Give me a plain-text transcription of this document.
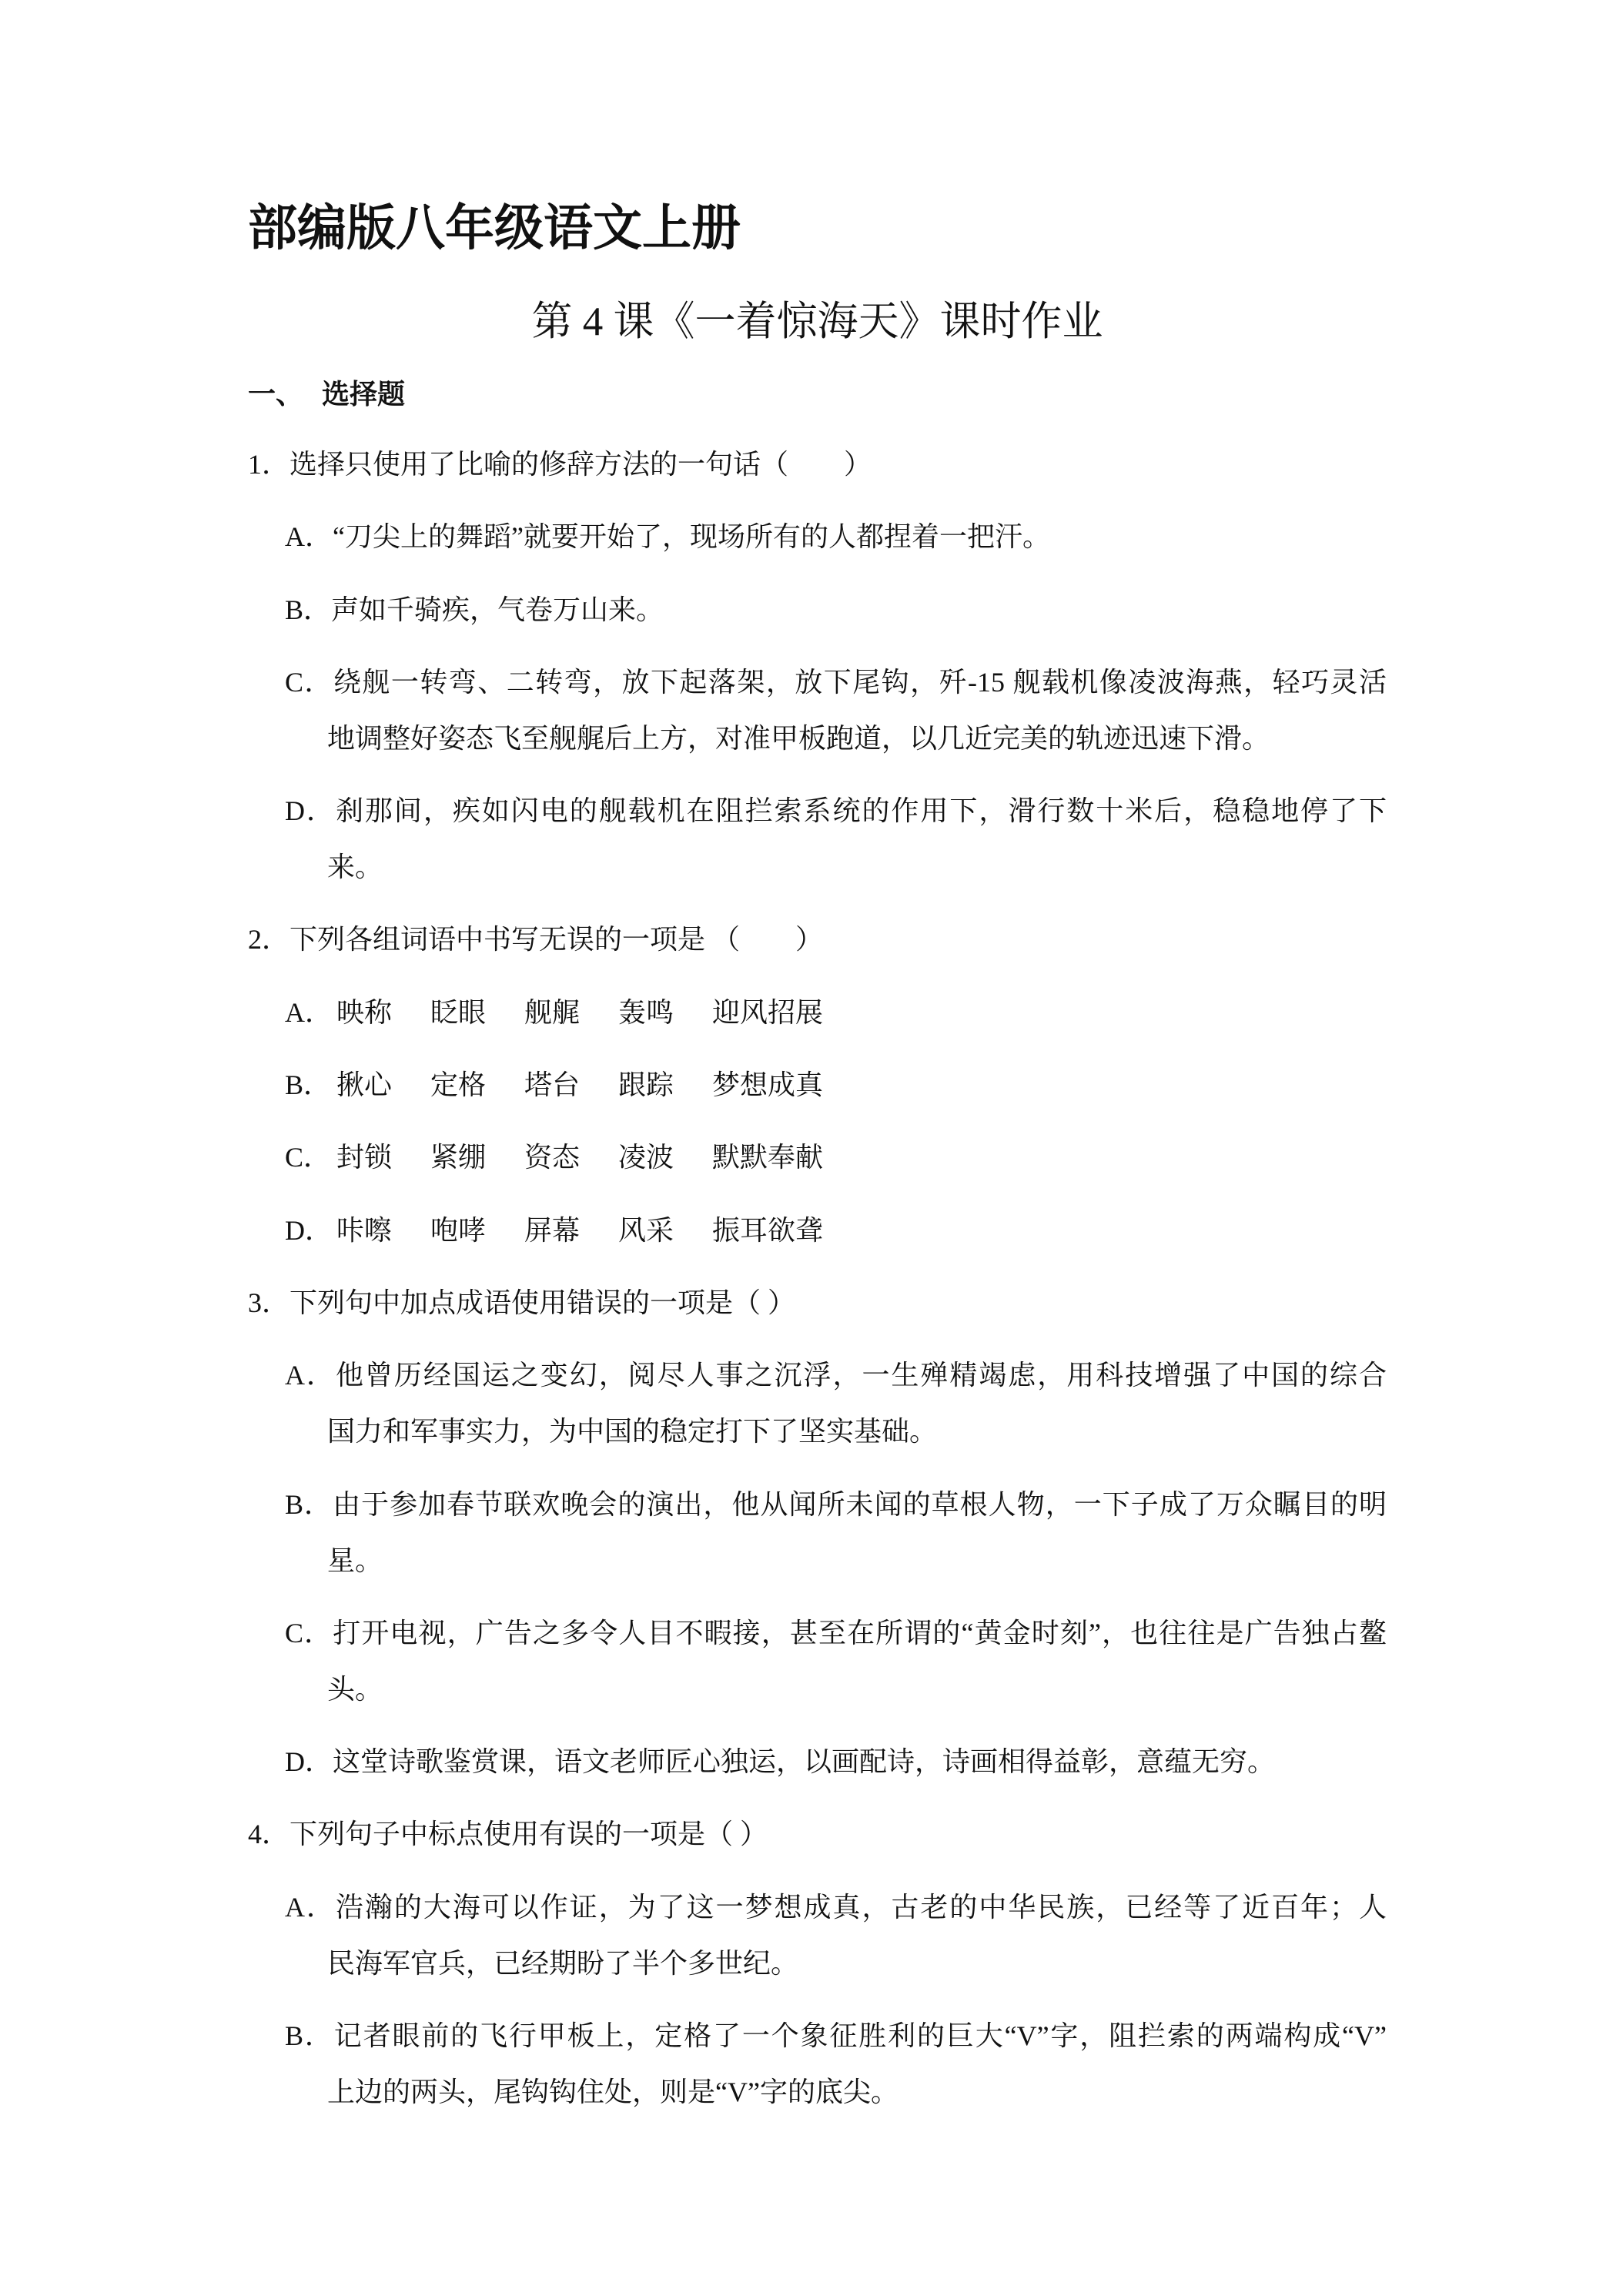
部编版八年级语文上册
第 4 课《一着惊海天》课时作业
一、 选择题
1．选择只使用了比喻的修辞方法的一句话（　　）
A．“刀尖上的舞蹈”就要开始了，现场所有的人都捏着一把汗。
B．声如千骑疾，气卷万山来。
C．绕舰一转弯、二转弯，放下起落架，放下尾钩，歼-15 舰载机像凌波海燕，轻巧灵活
地调整好姿态飞至舰艉后上方，对准甲板跑道，以几近完美的轨迹迅速下滑。
D．刹那间，疾如闪电的舰载机在阻拦索系统的作用下，滑行数十米后，稳稳地停了下
来。
2．下列各组词语中书写无误的一项是 （　　）
A． 映称 眨眼 舰艉 轰鸣 迎风招展
B． 揪心 定格 塔台 跟踪 梦想成真
C． 封锁 紧绷 资态 凌波 默默奉献
D． 咔嚓 咆哮 屏幕 风采 振耳欲聋
3．下列句中加点成语使用错误的一项是（ ）
A．他曾历经国运之变幻，阅尽人事之沉浮，一生殚精竭虑，用科技增强了中国的综合
国力和军事实力，为中国的稳定打下了坚实基础。
B．由于参加春节联欢晚会的演出，他从闻所未闻的草根人物，一下子成了万众瞩目的明
星。
C．打开电视，广告之多令人目不暇接，甚至在所谓的“黄金时刻”，也往往是广告独占鳌
头。
D．这堂诗歌鉴赏课，语文老师匠心独运，以画配诗，诗画相得益彰，意蕴无穷。
4．下列句子中标点使用有误的一项是（ ）
A．浩瀚的大海可以作证，为了这一梦想成真，古老的中华民族，已经等了近百年；人
民海军官兵，已经期盼了半个多世纪。
B．记者眼前的飞行甲板上，定格了一个象征胜利的巨大“V”字，阻拦索的两端构成“V”
上边的两头，尾钩钩住处，则是“V”字的底尖。
